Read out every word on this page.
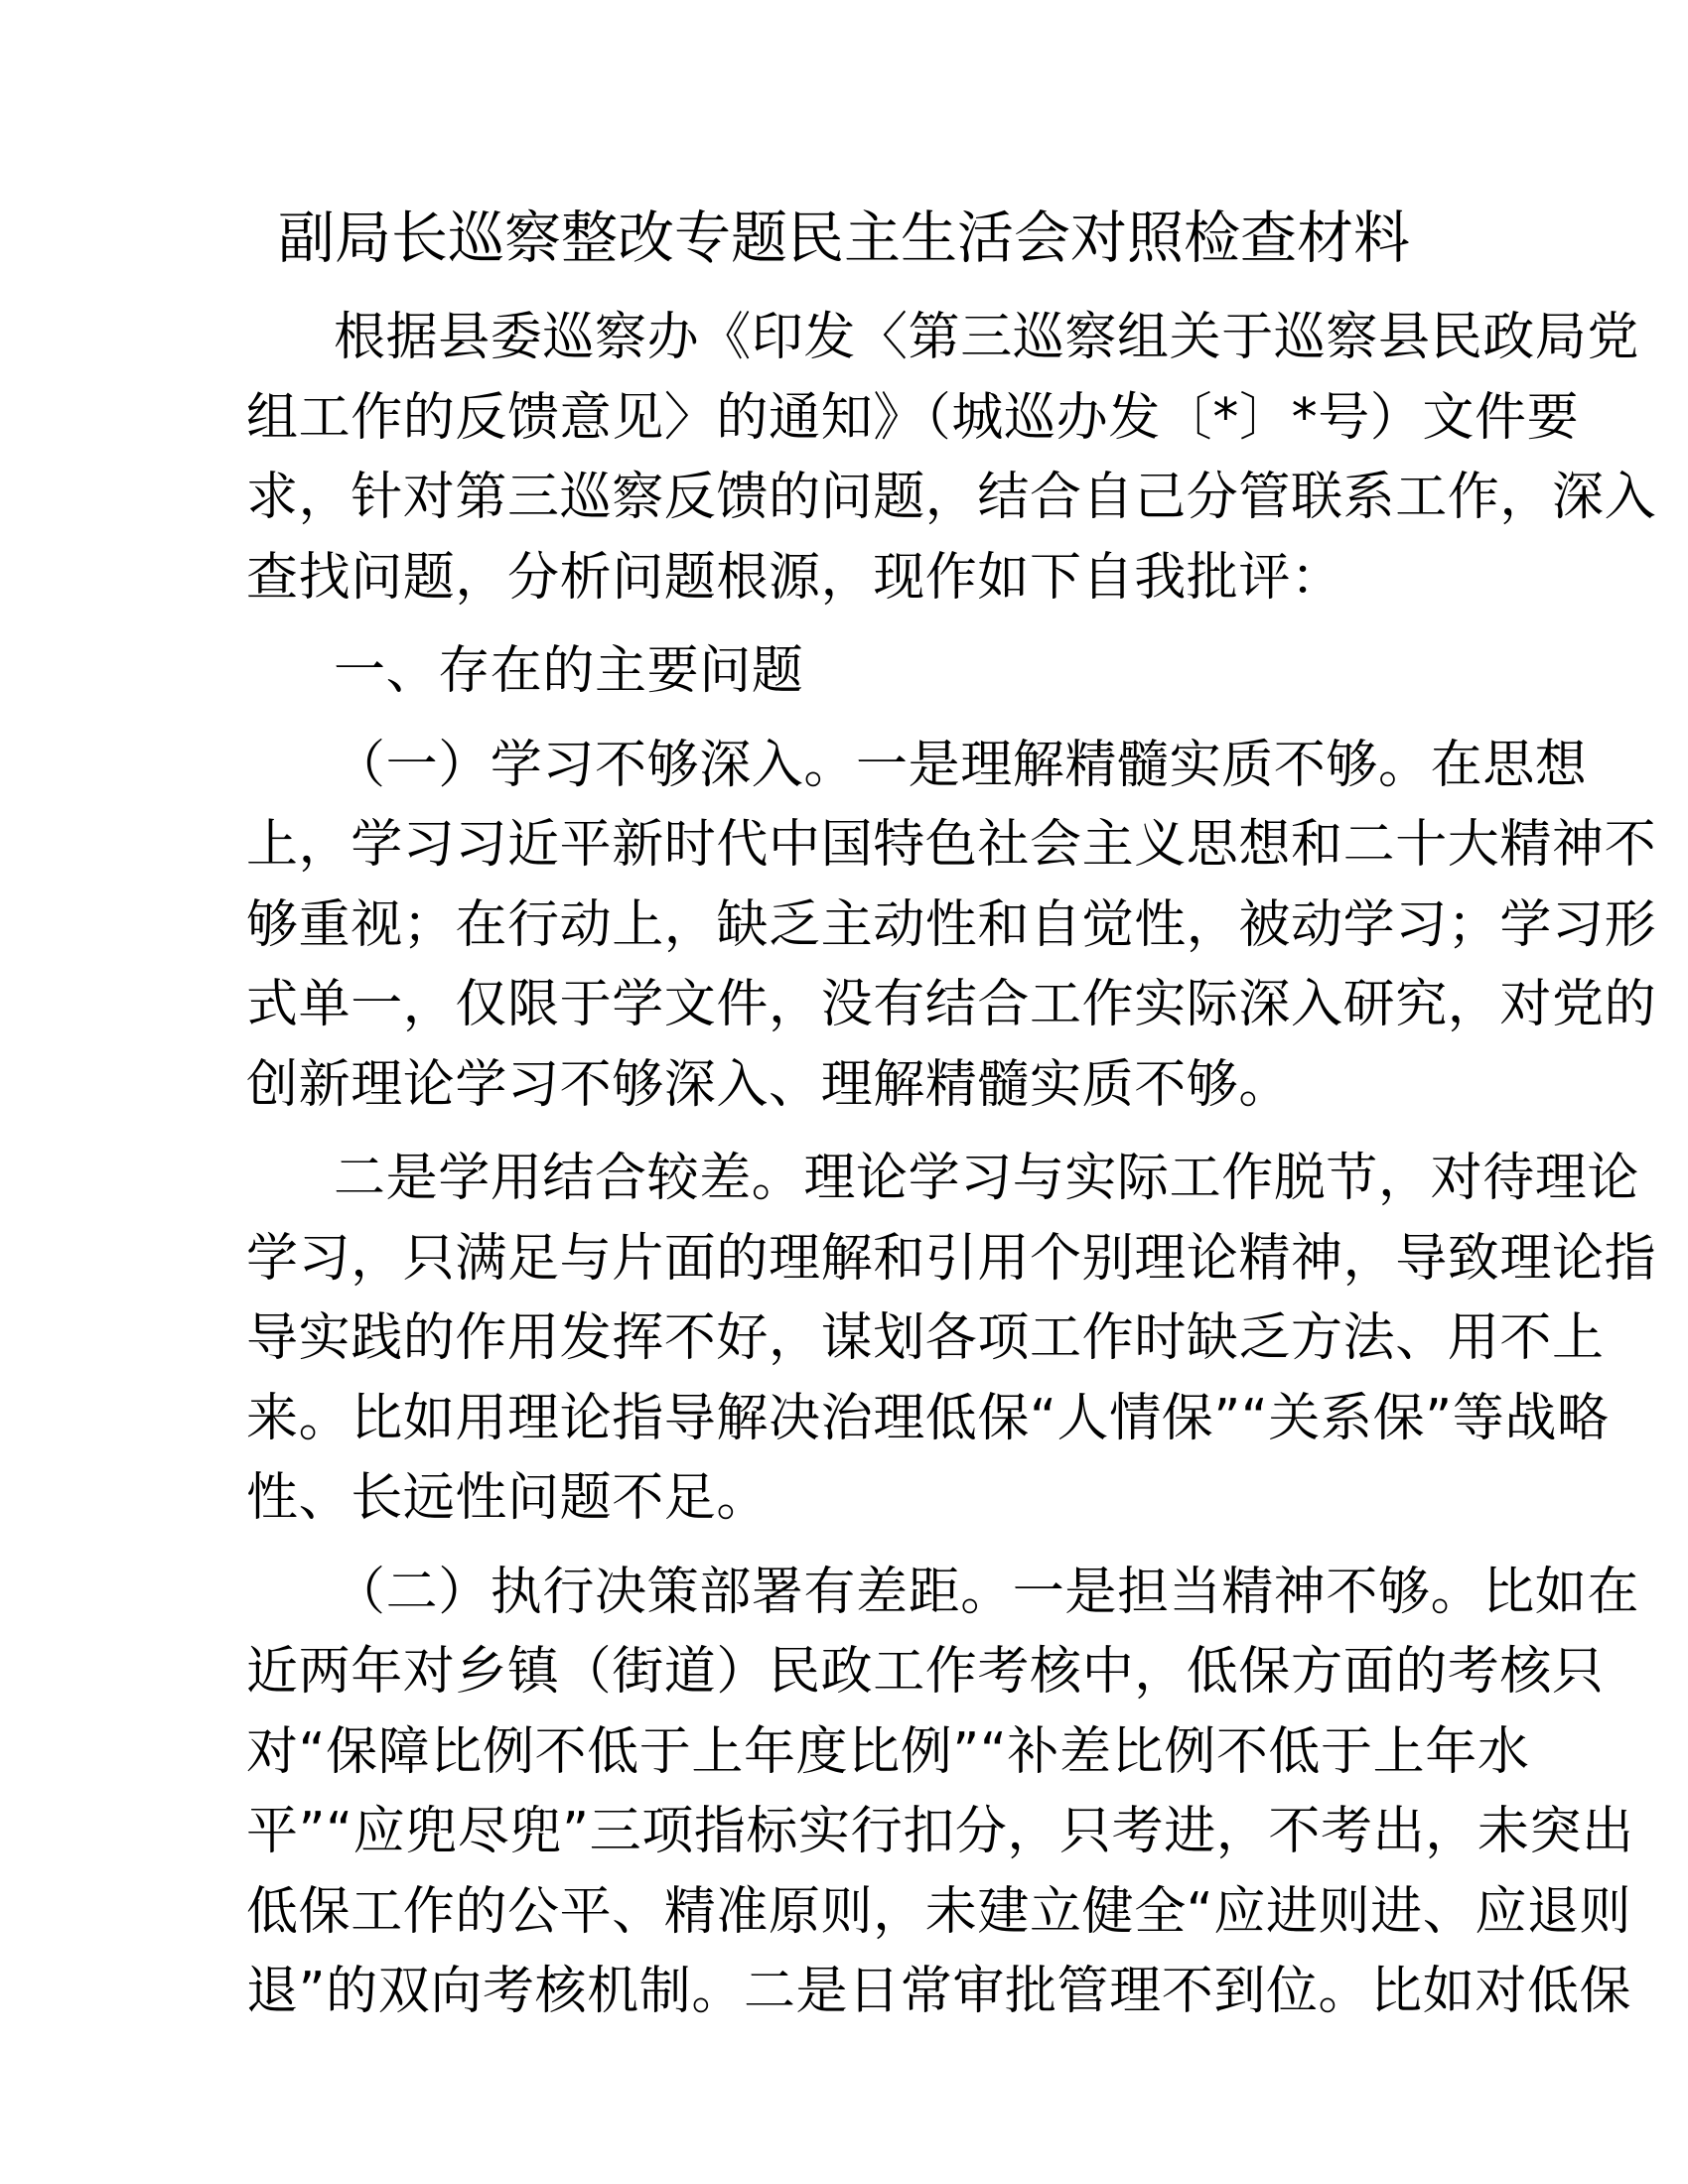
副局长巡察整改专题民主生活会对照检查材料
根据县委巡察办《印发〈第三巡察组关于巡察县民政局党
组工作的反馈意见〉的通知》（城巡办发〔*〕*号）文件要
求，针对第三巡察反馈的问题，结合自己分管联系工作，深入
查找问题，分析问题根源，现作如下自我批评：
一、存在的主要问题
（一）学习不够深入。一是理解精髓实质不够。在思想
上，学习习近平新时代中国特色社会主义思想和二十大精神不
够重视；在行动上，缺乏主动性和自觉性，被动学习；学习形
式单一，仅限于学文件，没有结合工作实际深入研究，对党的
创新理论学习不够深入、理解精髓实质不够。
二是学用结合较差。理论学习与实际工作脱节，对待理论
学习，只满足与片面的理解和引用个别理论精神，导致理论指
导实践的作用发挥不好，谋划各项工作时缺乏方法、用不上
来。比如用理论指导解决治理低保“人情保”“关系保”等战略
性、长远性问题不足。
（二）执行决策部署有差距。一是担当精神不够。比如在
近两年对乡镇（街道）民政工作考核中，低保方面的考核只
对“保障比例不低于上年度比例”“补差比例不低于上年水
平”“应兜尽兜”三项指标实行扣分，只考进，不考出，未突出
低保工作的公平、精准原则，未建立健全“应进则进、应退则
退”的双向考核机制。二是日常审批管理不到位。比如对低保
